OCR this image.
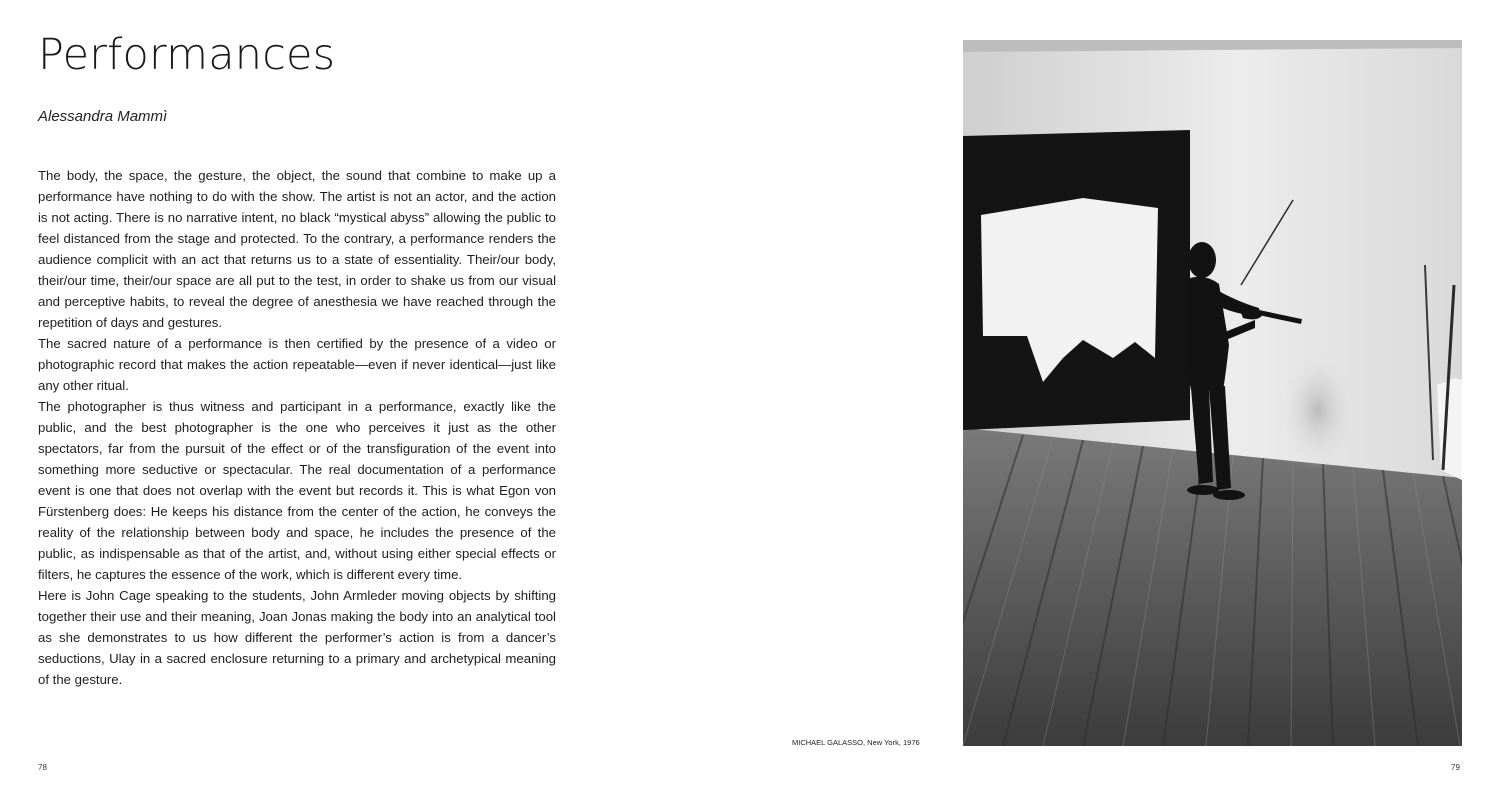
Performances

Alessandra Mammì

The body, the space, the gesture, the object, the sound that combine to make up a performance have nothing to do with the show. The artist is not an actor, and the action is not acting. There is no narrative intent, no black “mystical abyss” allowing the public to feel distanced from the stage and protected. To the contrary, a performance renders the audience complicit with an act that returns us to a state of essentiality. Their/our body, their/our time, their/our space are all put to the test, in order to shake us from our visual and perceptive habits, to reveal the degree of anesthesia we have reached through the repetition of days and gestures.

The sacred nature of a performance is then certified by the presence of a video or photographic record that makes the action repeatable—even if never identical—just like any other ritual.

The photographer is thus witness and participant in a performance, exactly like the public, and the best photographer is the one who perceives it just as the other spectators, far from the pursuit of the effect or of the transfiguration of the event into something more seductive or spectacular. The real documentation of a performance event is one that does not overlap with the event but records it. This is what Egon von Fürstenberg does: He keeps his distance from the center of the action, he conveys the reality of the relationship between body and space, he includes the presence of the public, as indispensable as that of the artist, and, without using either special effects or filters, he captures the essence of the work, which is different every time.

Here is John Cage speaking to the students, John Armleder moving objects by shifting together their use and their meaning, Joan Jonas making the body into an analytical tool as she demonstrates to us how different the performer’s action is from a dancer’s seductions, Ulay in a sacred enclosure returning to a primary and archetypical meaning of the gesture.

MICHAEL GALASSO, New York, 1976
78	79
